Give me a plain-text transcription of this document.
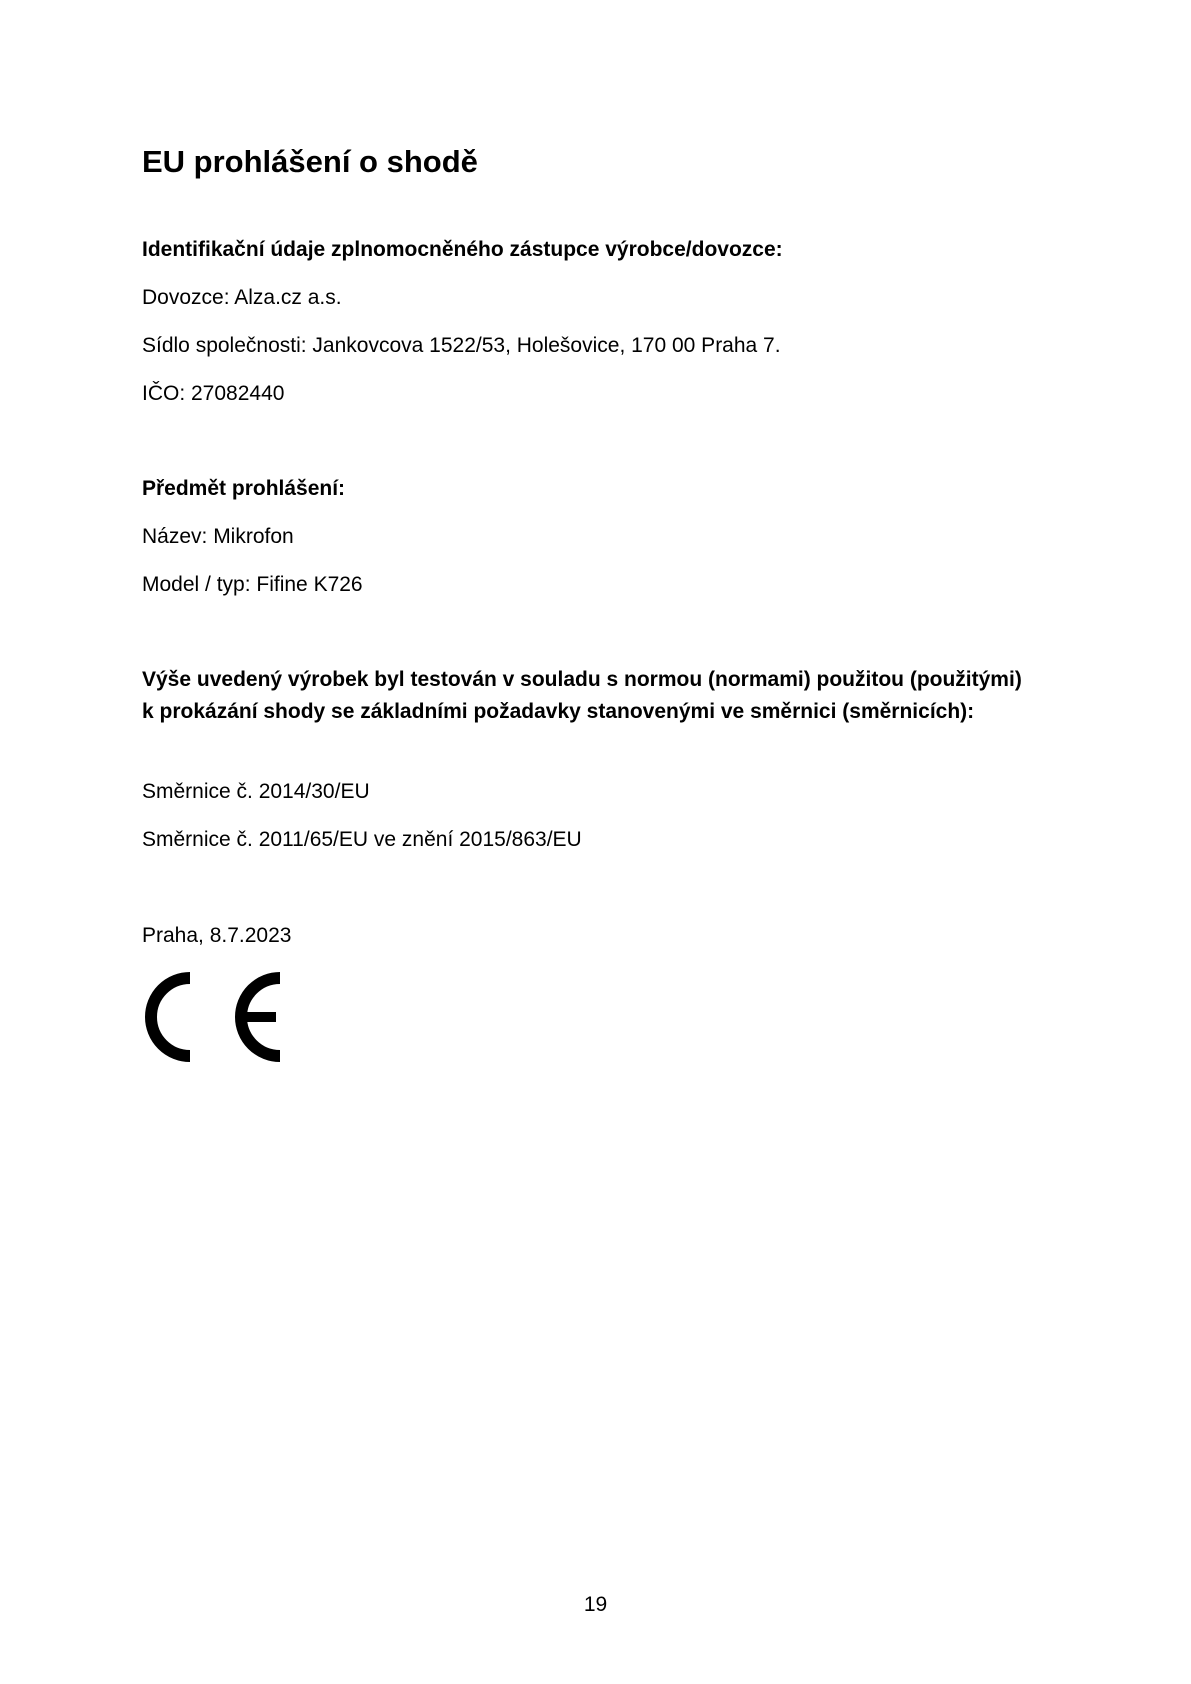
EU prohlášení o shodě
Identifikační údaje zplnomocněného zástupce výrobce/dovozce:
Dovozce: Alza.cz a.s.
Sídlo společnosti: Jankovcova 1522/53, Holešovice, 170 00 Praha 7.
IČO: 27082440
Předmět prohlášení:
Název: Mikrofon
Model / typ: Fifine K726
Výše uvedený výrobek byl testován v souladu s normou (normami) použitou (použitými) k prokázání shody se základními požadavky stanovenými ve směrnici (směrnicích):
Směrnice č. 2014/30/EU
Směrnice č. 2011/65/EU ve znění 2015/863/EU
Praha, 8.7.2023
19
